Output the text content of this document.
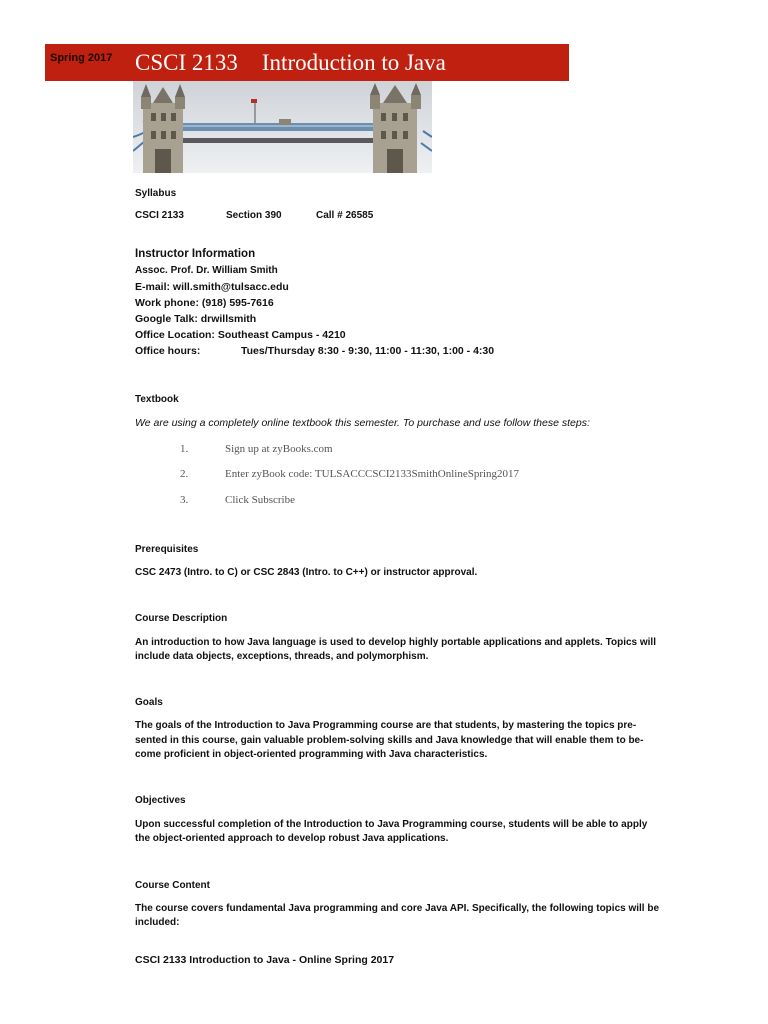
Spring 2017 CSCI 2133 Introduction to Java
Syllabus
CSCI 2133	Section 390	Call # 26585
Instructor Information
Assoc. Prof. Dr. William Smith
E-mail: will.smith@tulsacc.edu
Work phone: (918) 595-7616
Google Talk: drwillsmith
Office Location: Southeast Campus - 4210
Office hours:	Tues/Thursday 8:30 - 9:30, 11:00 - 11:30, 1:00 - 4:30
Textbook
We are using a completely online textbook this semester. To purchase and use follow these steps:
1.	Sign up at zyBooks.com
2.	Enter zyBook code: TULSACCCSCI2133SmithOnlineSpring2017
3.	Click Subscribe
Prerequisites
CSC 2473 (Intro. to C) or CSC 2843 (Intro. to C++) or instructor approval.
Course Description
An introduction to how Java language is used to develop highly portable applications and applets. Topics will
include data objects, exceptions, threads, and polymorphism.
Goals
The goals of the Introduction to Java Programming course are that students, by mastering the topics pre-
sented in this course, gain valuable problem-solving skills and Java knowledge that will enable them to be-
come proficient in object-oriented programming with Java characteristics.
Objectives
Upon successful completion of the Introduction to Java Programming course, students will be able to apply
the object-oriented approach to develop robust Java applications.
Course Content
The course covers fundamental Java programming and core Java API. Specifically, the following topics will be
included:
CSCI 2133 Introduction to Java - Online Spring 2017
